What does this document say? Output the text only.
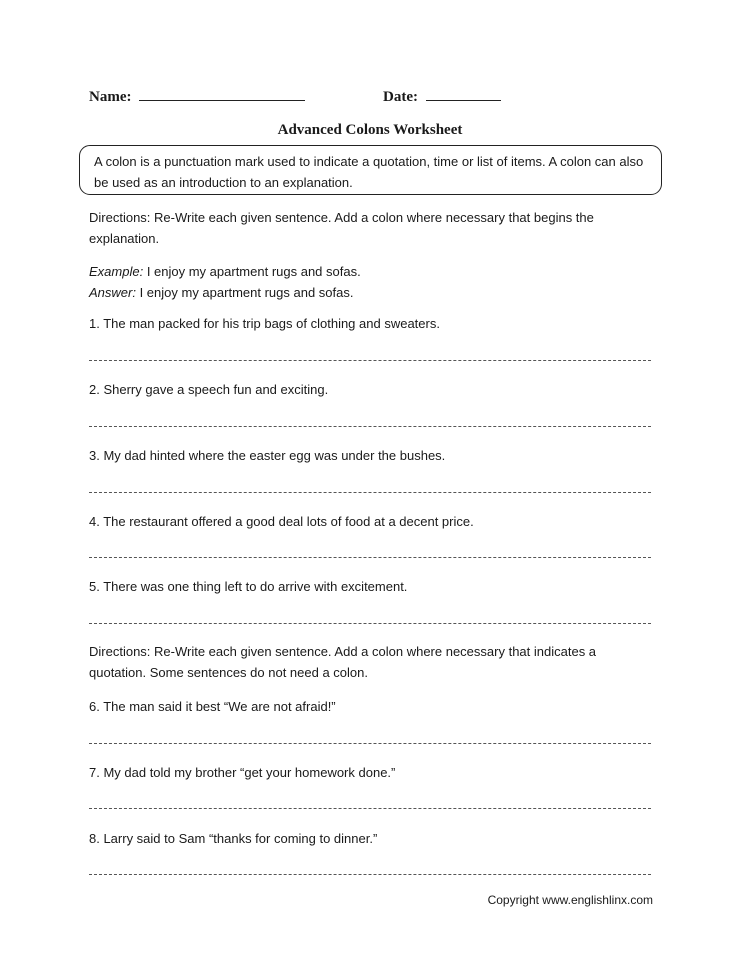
Name:	Date:
Advanced Colons Worksheet
A colon is a punctuation mark used to indicate a quotation, time or list of items. A colon can also be used as an introduction to an explanation.
Directions: Re-Write each given sentence. Add a colon where necessary that begins the explanation.
Example: I enjoy my apartment rugs and sofas.
Answer: I enjoy my apartment rugs and sofas.
1. The man packed for his trip bags of clothing and sweaters.
2. Sherry gave a speech fun and exciting.
3. My dad hinted where the easter egg was under the bushes.
4. The restaurant offered a good deal lots of food at a decent price.
5. There was one thing left to do arrive with excitement.
Directions: Re-Write each given sentence. Add a colon where necessary that indicates a quotation. Some sentences do not need a colon.
6. The man said it best “We are not afraid!”
7. My dad told my brother “get your homework done.”
8. Larry said to Sam “thanks for coming to dinner.”
Copyright www.englishlinx.com
